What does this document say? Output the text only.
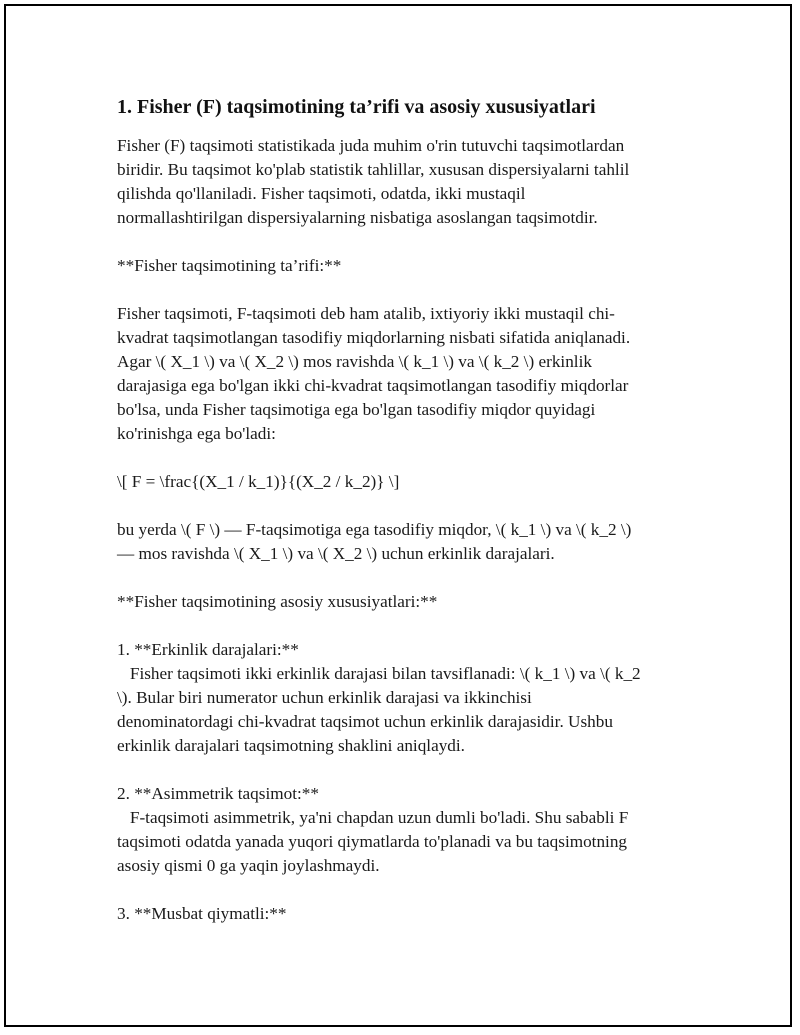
1. Fisher (F) taqsimotining ta’rifi va asosiy xususiyatlari

Fisher (F) taqsimoti statistikada juda muhim o'rin tutuvchi taqsimotlardan
biridir. Bu taqsimot ko'plab statistik tahlillar, xususan dispersiyalarni tahlil
qilishda qo'llaniladi. Fisher taqsimoti, odatda, ikki mustaqil
normallashtirilgan dispersiyalarning nisbatiga asoslangan taqsimotdir.

**Fisher taqsimotining ta’rifi:**

Fisher taqsimoti, F-taqsimoti deb ham atalib, ixtiyoriy ikki mustaqil chi-
kvadrat taqsimotlangan tasodifiy miqdorlarning nisbati sifatida aniqlanadi.
Agar \( X_1 \) va \( X_2 \) mos ravishda \( k_1 \) va \( k_2 \) erkinlik
darajasiga ega bo'lgan ikki chi-kvadrat taqsimotlangan tasodifiy miqdorlar
bo'lsa, unda Fisher taqsimotiga ega bo'lgan tasodifiy miqdor quyidagi
ko'rinishga ega bo'ladi:

\[ F = \frac{(X_1 / k_1)}{(X_2 / k_2)} \]

bu yerda \( F \) — F-taqsimotiga ega tasodifiy miqdor, \( k_1 \) va \( k_2 \)
— mos ravishda \( X_1 \) va \( X_2 \) uchun erkinlik darajalari.

**Fisher taqsimotining asosiy xususiyatlari:**

1. **Erkinlik darajalari:**
Fisher taqsimoti ikki erkinlik darajasi bilan tavsiflanadi: \( k_1 \) va \( k_2
\). Bular biri numerator uchun erkinlik darajasi va ikkinchisi
denominatordagi chi-kvadrat taqsimot uchun erkinlik darajasidir. Ushbu
erkinlik darajalari taqsimotning shaklini aniqlaydi.

2. **Asimmetrik taqsimot:**
F-taqsimoti asimmetrik, ya'ni chapdan uzun dumli bo'ladi. Shu sababli F
taqsimoti odatda yanada yuqori qiymatlarda to'planadi va bu taqsimotning
asosiy qismi 0 ga yaqin joylashmaydi.

3. **Musbat qiymatli:**
